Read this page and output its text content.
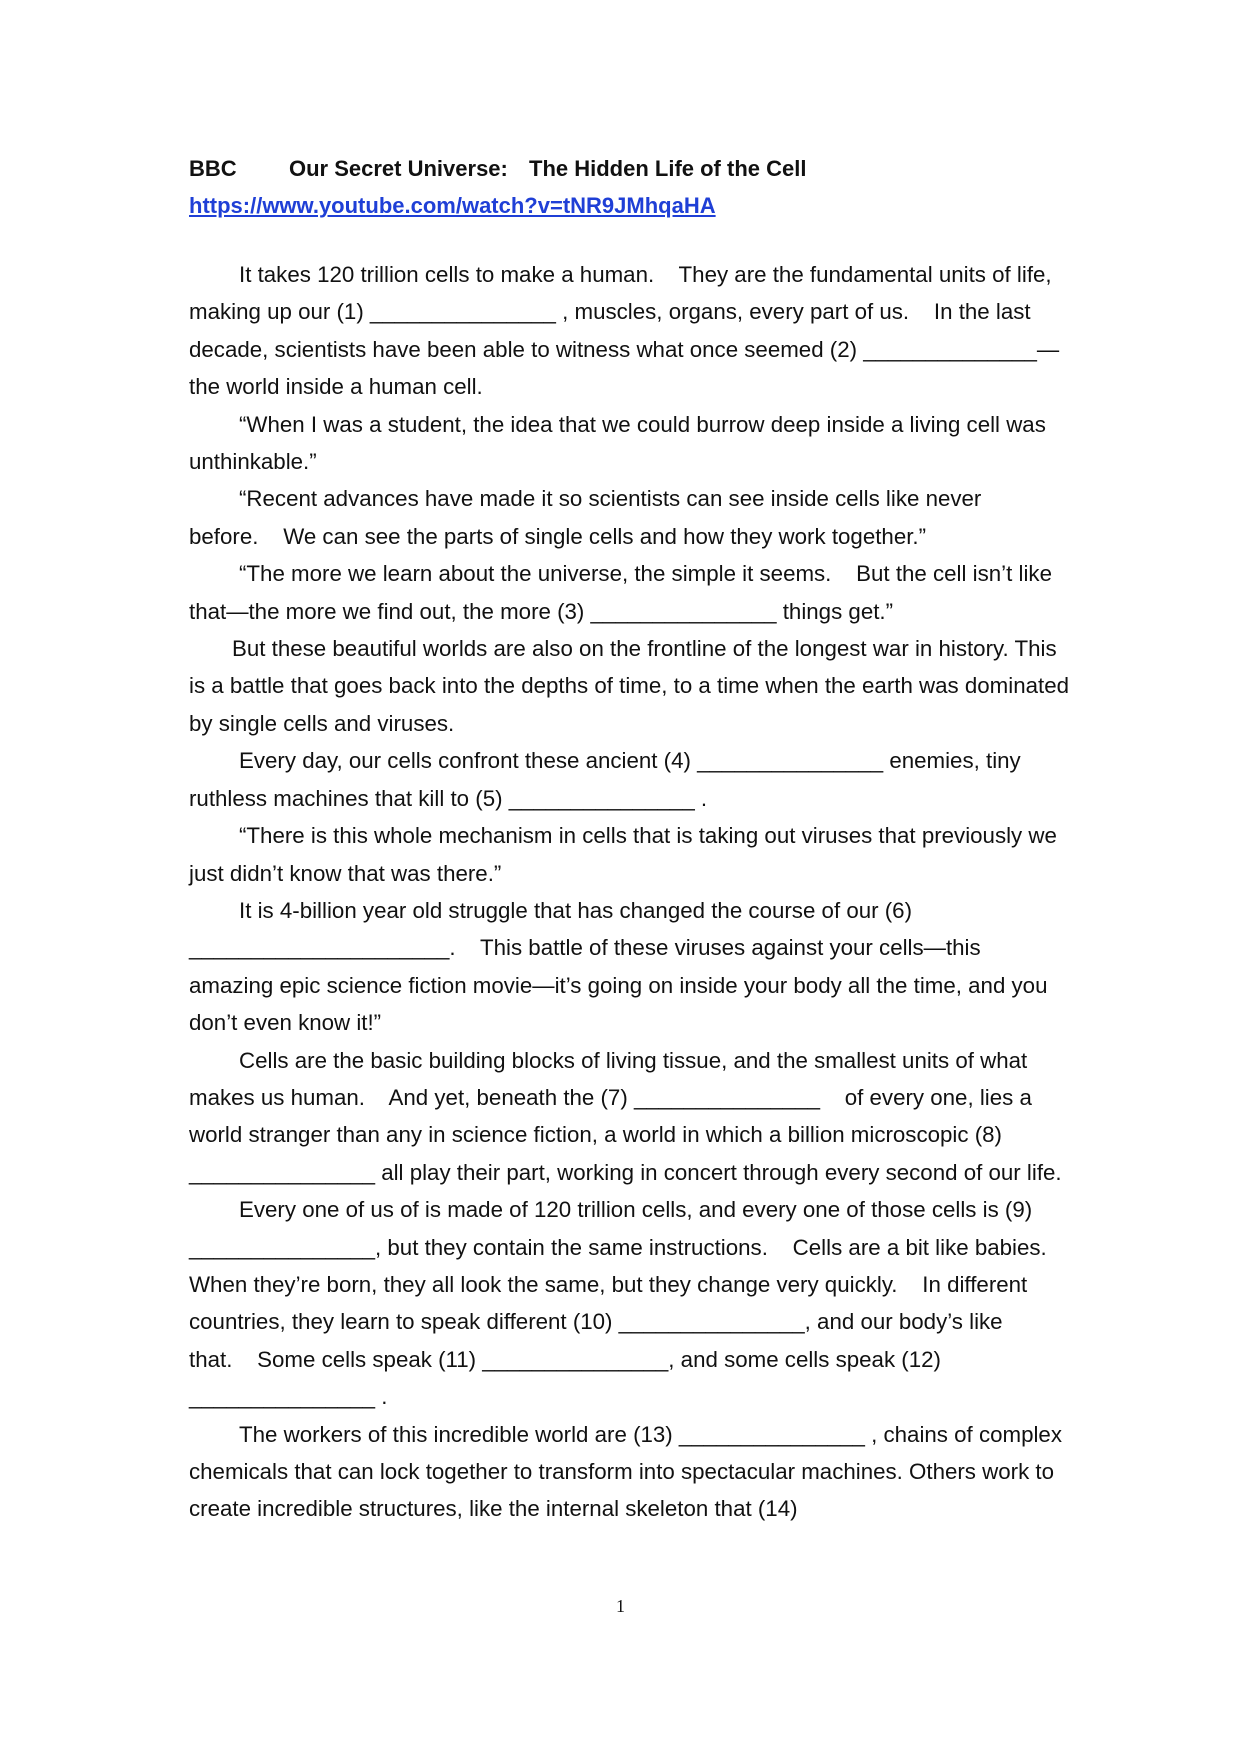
BBC Our Secret Universe: The Hidden Life of the Cell
https://www.youtube.com/watch?v=tNR9JMhqaHA

It takes 120 trillion cells to make a human.    They are the fundamental units of life, making up our (1) _______________ , muscles, organs, every part of us.    In the last decade, scientists have been able to witness what once seemed (2) ______________—the world inside a human cell.

“When I was a student, the idea that we could burrow deep inside a living cell was unthinkable.”

“Recent advances have made it so scientists can see inside cells like never before.    We can see the parts of single cells and how they work together.”

“The more we learn about the universe, the simple it seems.    But the cell isn’t like that—the more we find out, the more (3) _______________ things get.”

But these beautiful worlds are also on the frontline of the longest war in history. This is a battle that goes back into the depths of time, to a time when the earth was dominated by single cells and viruses.

Every day, our cells confront these ancient (4) _______________ enemies, tiny ruthless machines that kill to (5) _______________ .

“There is this whole mechanism in cells that is taking out viruses that previously we just didn’t know that was there.”

It is 4-billion year old struggle that has changed the course of our (6) _____________________.    This battle of these viruses against your cells—this amazing epic science fiction movie—it’s going on inside your body all the time, and you don’t even know it!”

Cells are the basic building blocks of living tissue, and the smallest units of what makes us human.    And yet, beneath the (7) _______________    of every one, lies a world stranger than any in science fiction, a world in which a billion microscopic (8) _______________ all play their part, working in concert through every second of our life.

Every one of us of is made of 120 trillion cells, and every one of those cells is (9) _______________, but they contain the same instructions.    Cells are a bit like babies. When they’re born, they all look the same, but they change very quickly.    In different countries, they learn to speak different (10) _______________, and our body’s like that.    Some cells speak (11) _______________, and some cells speak (12) _______________ .

The workers of this incredible world are (13) _______________ , chains of complex chemicals that can lock together to transform into spectacular machines. Others work to create incredible structures, like the internal skeleton that (14)

1
